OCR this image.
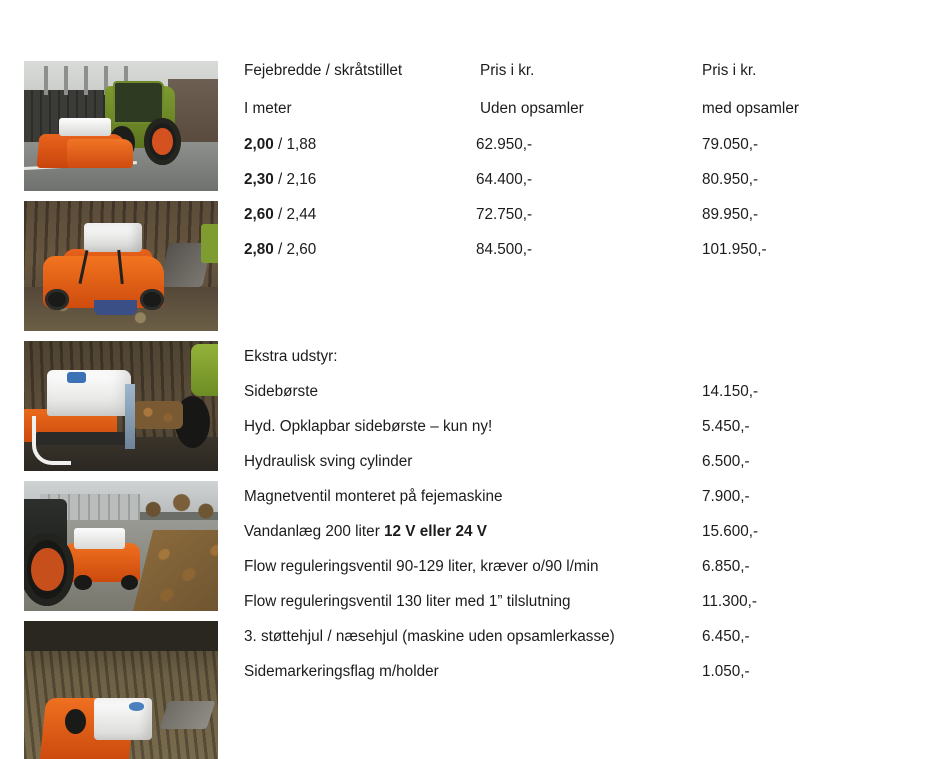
Fejebredde / skråtstillet	Pris i kr.	Pris i kr.
I meter	Uden opsamler	med opsamler
2,00 / 1,88	62.950,-	79.050,-
2,30 / 2,16	64.400,-	80.950,-
2,60 / 2,44	72.750,-	89.950,-
2,80 / 2,60	84.500,-	101.950,-
Ekstra udstyr:
Sidebørste	14.150,-
Hyd. Opklapbar sidebørste – kun ny!	5.450,-
Hydraulisk sving cylinder	6.500,-
Magnetventil monteret på fejemaskine	7.900,-
Vandanlæg 200 liter 12 V eller 24 V	15.600,-
Flow reguleringsventil 90-129 liter, kræver o/90 l/min	6.850,-
Flow reguleringsventil 130 liter med 1” tilslutning	11.300,-
3. støttehjul / næsehjul (maskine uden opsamlerkasse)	6.450,-
Sidemarkeringsflag m/holder	1.050,-
